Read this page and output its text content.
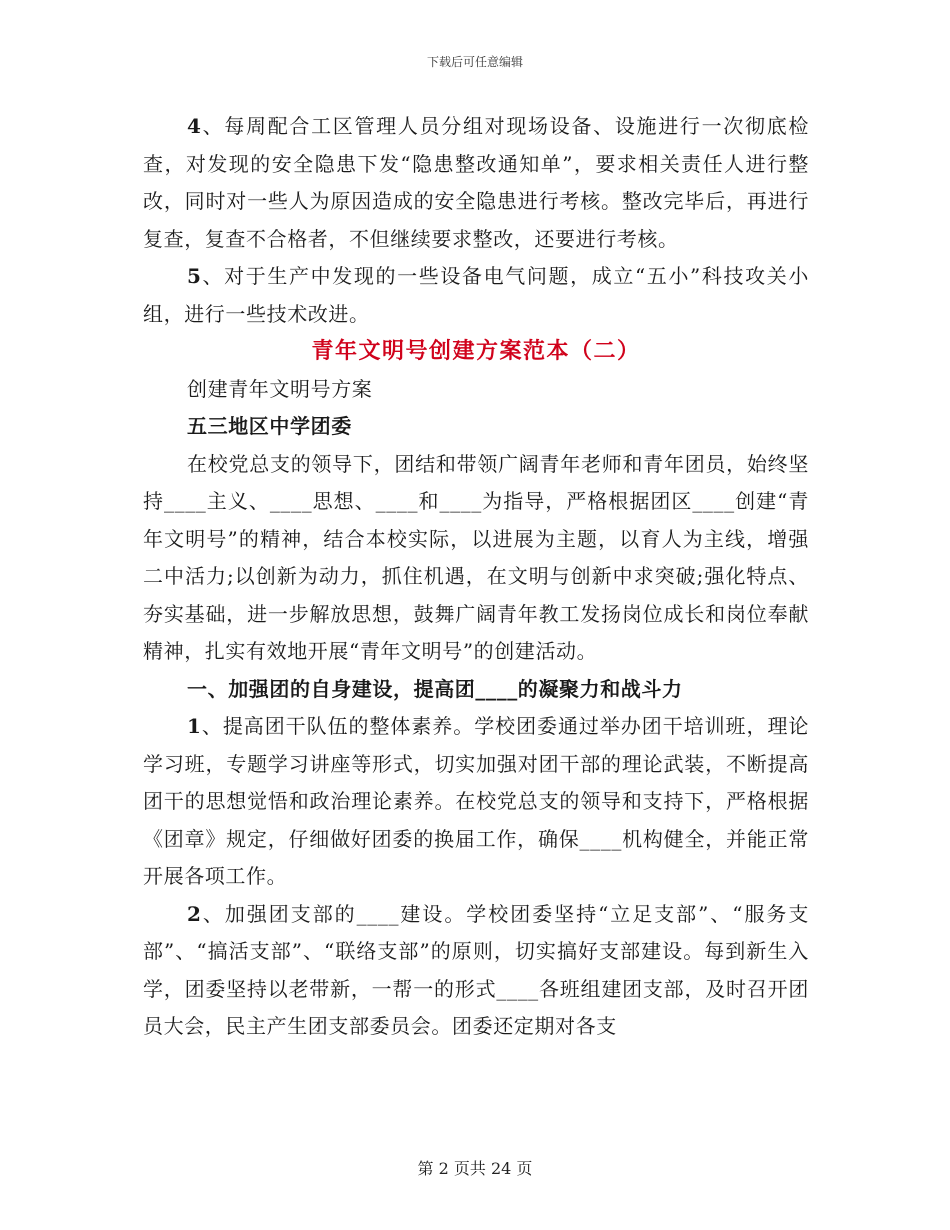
下载后可任意编辑

4、每周配合工区管理人员分组对现场设备、设施进行一次彻底检查，对发现的安全隐患下发“隐患整改通知单”，要求相关责任人进行整改，同时对一些人为原因造成的安全隐患进行考核。整改完毕后，再进行复查，复查不合格者，不但继续要求整改，还要进行考核。

5、对于生产中发现的一些设备电气问题，成立“五小”科技攻关小组，进行一些技术改进。

青年文明号创建方案范本（二）

创建青年文明号方案

五三地区中学团委

在校党总支的领导下，团结和带领广阔青年老师和青年团员，始终坚持____主义、____思想、____和____为指导，严格根据团区____创建“青年文明号”的精神，结合本校实际，以进展为主题，以育人为主线，增强二中活力;以创新为动力，抓住机遇，在文明与创新中求突破;强化特点、夯实基础，进一步解放思想，鼓舞广阔青年教工发扬岗位成长和岗位奉献精神，扎实有效地开展“青年文明号”的创建活动。

一、加强团的自身建设，提高团____的凝聚力和战斗力

1、提高团干队伍的整体素养。学校团委通过举办团干培训班，理论学习班，专题学习讲座等形式，切实加强对团干部的理论武装，不断提高团干的思想觉悟和政治理论素养。在校党总支的领导和支持下，严格根据《团章》规定，仔细做好团委的换届工作，确保____机构健全，并能正常开展各项工作。

2、加强团支部的____建设。学校团委坚持“立足支部”、“服务支部”、“搞活支部”、“联络支部”的原则，切实搞好支部建设。每到新生入学，团委坚持以老带新，一帮一的形式____各班组建团支部，及时召开团员大会，民主产生团支部委员会。团委还定期对各支

第 2 页共 24 页
